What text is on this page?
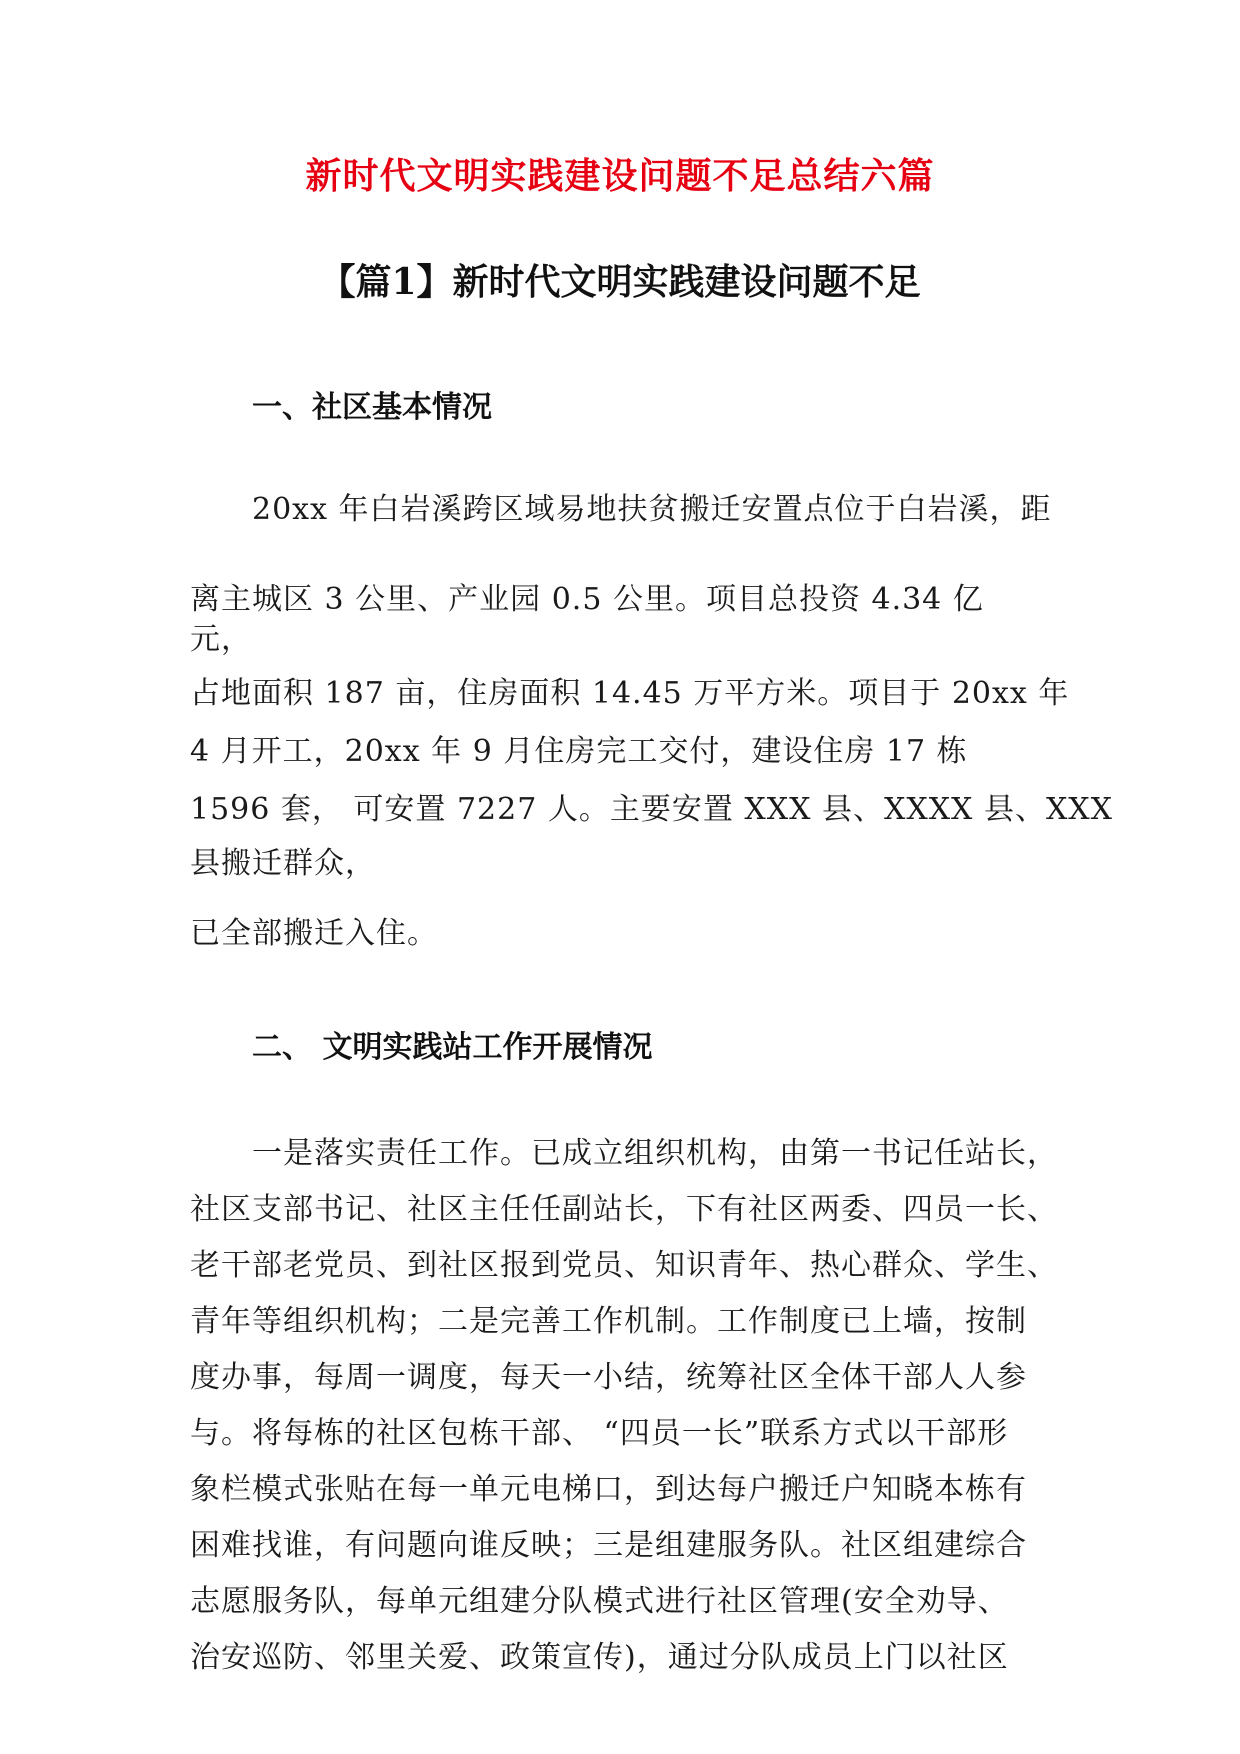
新时代文明实践建设问题不足总结六篇
【篇1】新时代文明实践建设问题不足
一、社区基本情况
20xx 年白岩溪跨区域易地扶贫搬迁安置点位于白岩溪，距
离主城区 3 公里、产业园 0.5 公里。项目总投资 4.34 亿
元，
占地面积 187 亩，住房面积 14.45 万平方米。项目于 20xx 年
4 月开工，20xx 年 9 月住房完工交付，建设住房 17 栋
1596 套， 可安置 7227 人。主要安置 XXX 县、XXXX 县、XXX
县搬迁群众，
已全部搬迁入住。
二、 文明实践站工作开展情况
一是落实责任工作。已成立组织机构，由第一书记任站长，
社区支部书记、社区主任任副站长，下有社区两委、四员一长、
老干部老党员、到社区报到党员、知识青年、热心群众、学生、
青年等组织机构；二是完善工作机制。工作制度已上墙，按制
度办事，每周一调度，每天一小结，统筹社区全体干部人人参
与。将每栋的社区包栋干部、 “四员一长”联系方式以干部形
象栏模式张贴在每一单元电梯口，到达每户搬迁户知晓本栋有
困难找谁，有问题向谁反映；三是组建服务队。社区组建综合
志愿服务队，每单元组建分队模式进行社区管理(安全劝导、
治安巡防、邻里关爱、政策宣传)，通过分队成员上门以社区
